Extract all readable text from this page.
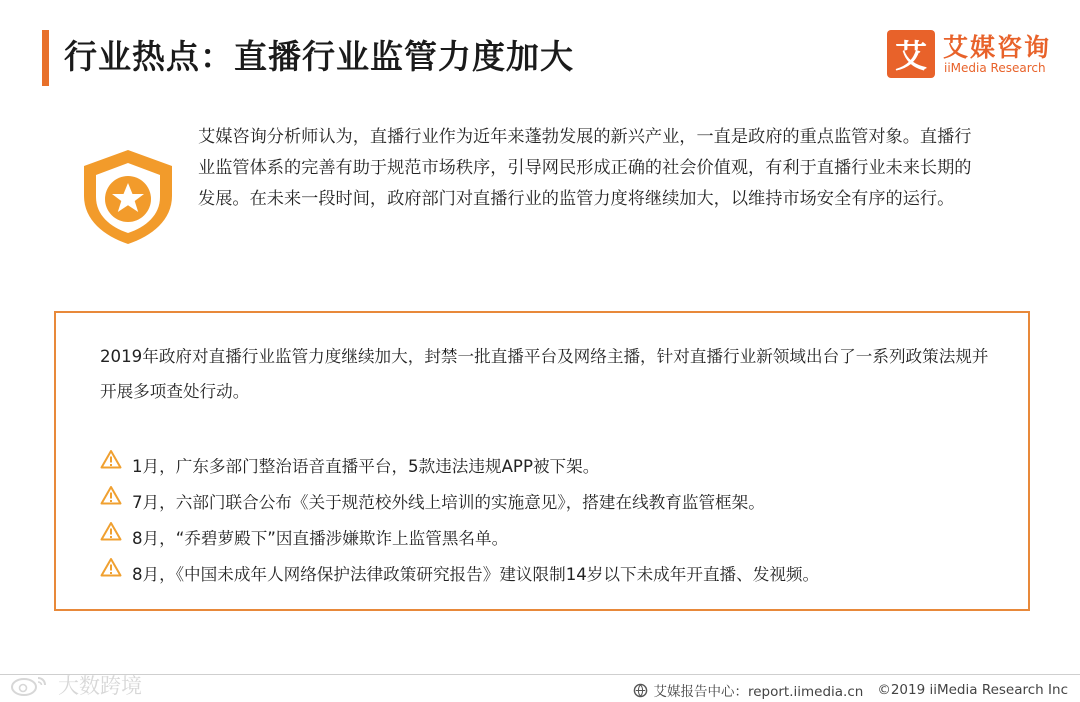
行业热点：直播行业监管力度加大	艾 艾媒咨询
iiMedia Research
艾媒咨询分析师认为，直播行业作为近年来蓬勃发展的新兴产业，一直是政府的重点监管对象。直播行业监管体系的完善有助于规范市场秩序，引导网民形成正确的社会价值观，有利于直播行业未来长期的发展。在未来一段时间，政府部门对直播行业的监管力度将继续加大，以维持市场安全有序的运行。
2019年政府对直播行业监管力度继续加大，封禁一批直播平台及网络主播，针对直播行业新领域出台了一系列政策法规并开展多项查处行动。
1月，广东多部门整治语音直播平台，5款违法违规APP被下架。
7月，六部门联合公布《关于规范校外线上培训的实施意见》，搭建在线教育监管框架。
8月，“乔碧萝殿下”因直播涉嫌欺诈上监管黑名单。
8月，《中国未成年人网络保护法律政策研究报告》建议限制14岁以下未成年开直播、发视频。
大数跨境	艾媒报告中心：report.iimedia.cn ©2019 iiMedia Research Inc
